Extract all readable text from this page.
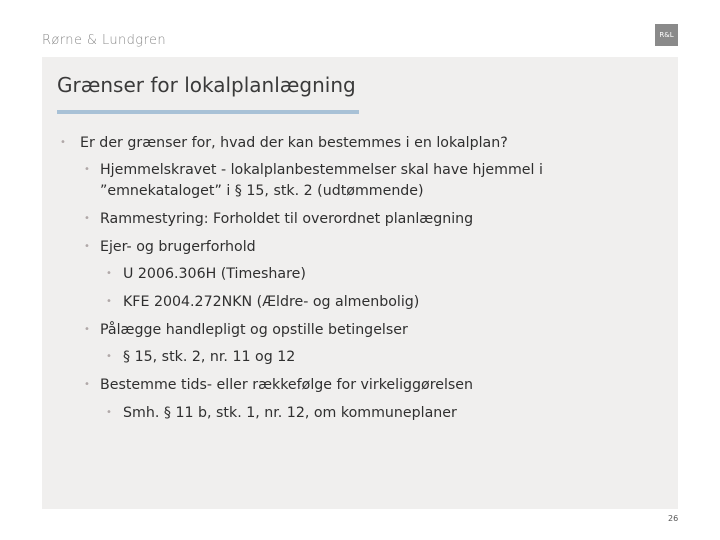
Rørne & Lundgren	R&L
Grænser for lokalplanlægning
• Er der grænser for, hvad der kan bestemmes i en lokalplan?

• Hjemmelskravet - lokalplanbestemmelser skal have hjemmel i

”emnekataloget” i § 15, stk. 2 (udtømmende)

• Rammestyring: Forholdet til overordnet planlægning

• Ejer- og brugerforhold

• U 2006.306H (Timeshare)

• KFE 2004.272NKN (Ældre- og almenbolig)

• Pålægge handlepligt og opstille betingelser

• § 15, stk. 2, nr. 11 og 12

• Bestemme tids- eller rækkefølge for virkeliggørelsen

• Smh. § 11 b, stk. 1, nr. 12, om kommuneplaner

26
